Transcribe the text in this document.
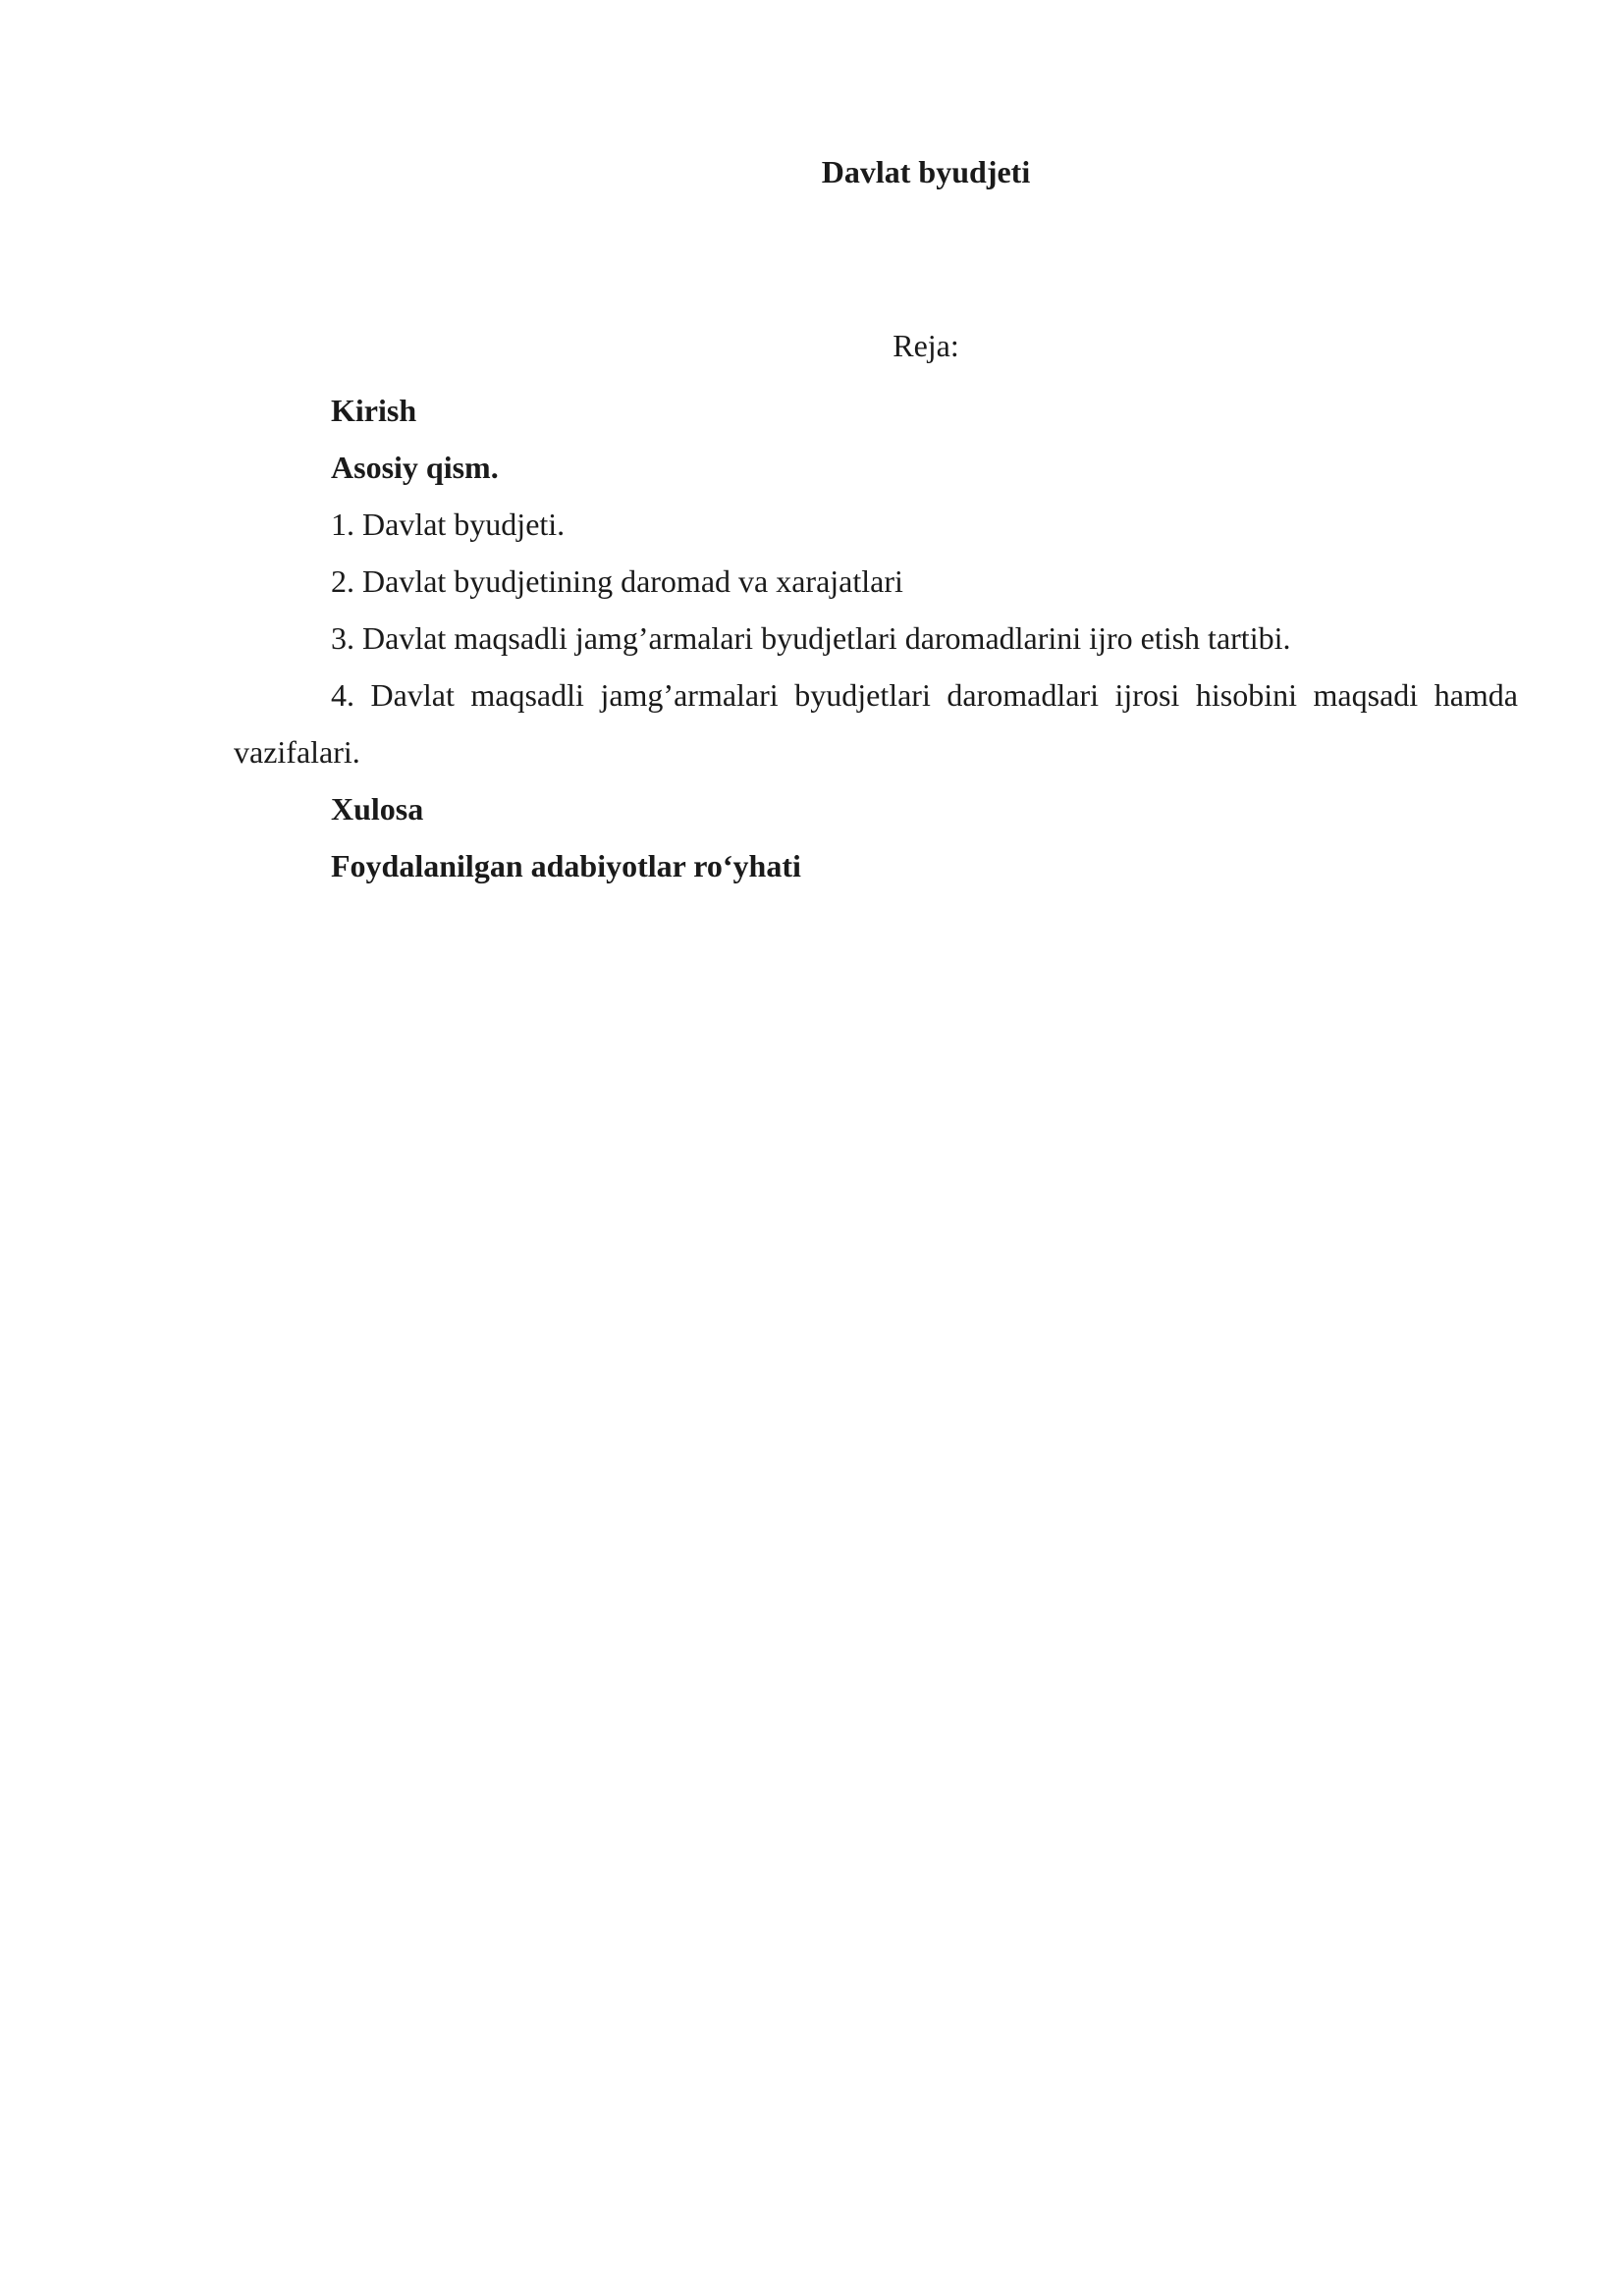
Davlat byudjeti

Reja:

Kirish

Asosiy qism.

1. Davlat byudjeti.

2. Davlat byudjetining daromad va xarajatlari

3. Davlat maqsadli jamg’armalari byudjetlari daromadlarini ijro etish tartibi.

4. Davlat maqsadli jamg’armalari byudjetlari daromadlari ijrosi hisobini maqsadi hamda vazifalari.

Xulosa

Foydalanilgan adabiyotlar ro‘yhati
